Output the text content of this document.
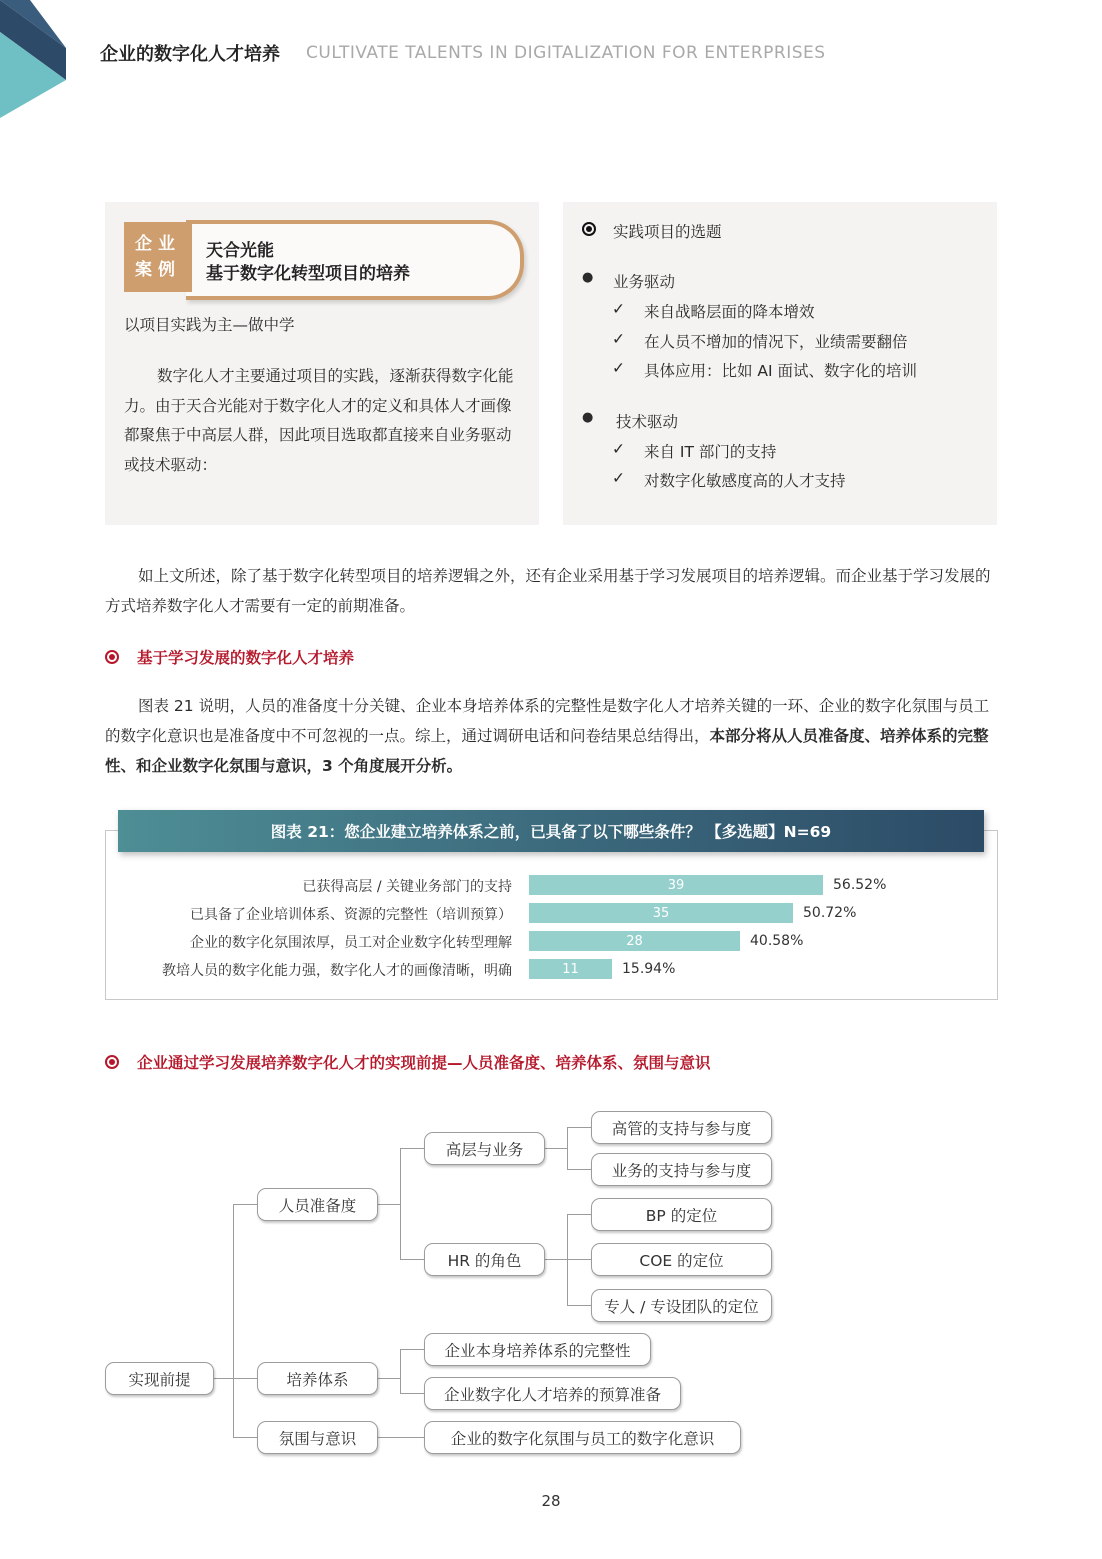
企业的数字化人才培养 CULTIVATE TALENTS IN DIGITALIZATION FOR ENTERPRISES
企业
案例
天合光能
基于数字化转型项目的培养
以项目实践为主—做中学
数字化人才主要通过项目的实践，逐渐获得数字化能力。由于天合光能对于数字化人才的定义和具体人才画像都聚焦于中高层人群，因此项目选取都直接来自业务驱动或技术驱动：
实践项目的选题
● 业务驱动
✓ 来自战略层面的降本增效
✓ 在人员不增加的情况下，业绩需要翻倍
✓ 具体应用：比如 AI 面试、数字化的培训
● 技术驱动
✓ 来自 IT 部门的支持
✓ 对数字化敏感度高的人才支持
如上文所述，除了基于数字化转型项目的培养逻辑之外，还有企业采用基于学习发展项目的培养逻辑。而企业基于学习发展的方式培养数字化人才需要有一定的前期准备。
基于学习发展的数字化人才培养
图表 21 说明，人员的准备度十分关键、企业本身培养体系的完整性是数字化人才培养关键的一环、企业的数字化氛围与员工的数字化意识也是准备度中不可忽视的一点。综上，通过调研电话和问卷结果总结得出，本部分将从人员准备度、培养体系的完整性、和企业数字化氛围与意识，3 个角度展开分析。
图表 21：您企业建立培养体系之前，已具备了以下哪些条件？ 【多选题】N=69
已获得高层 / 关键业务部门的支持	39	56.52%
已具备了企业培训体系、资源的完整性（培训预算）	35	50.72%
企业的数字化氛围浓厚，员工对企业数字化转型理解	28	40.58%
教培人员的数字化能力强，数字化人才的画像清晰，明确	11	15.94%
企业通过学习发展培养数字化人才的实现前提—人员准备度、培养体系、氛围与意识
实现前提
人员准备度
培养体系
氛围与意识
高层与业务
HR 的角色
高管的支持与参与度
业务的支持与参与度
BP 的定位
COE 的定位
专人 / 专设团队的定位
企业本身培养体系的完整性
企业数字化人才培养的预算准备
企业的数字化氛围与员工的数字化意识
28
